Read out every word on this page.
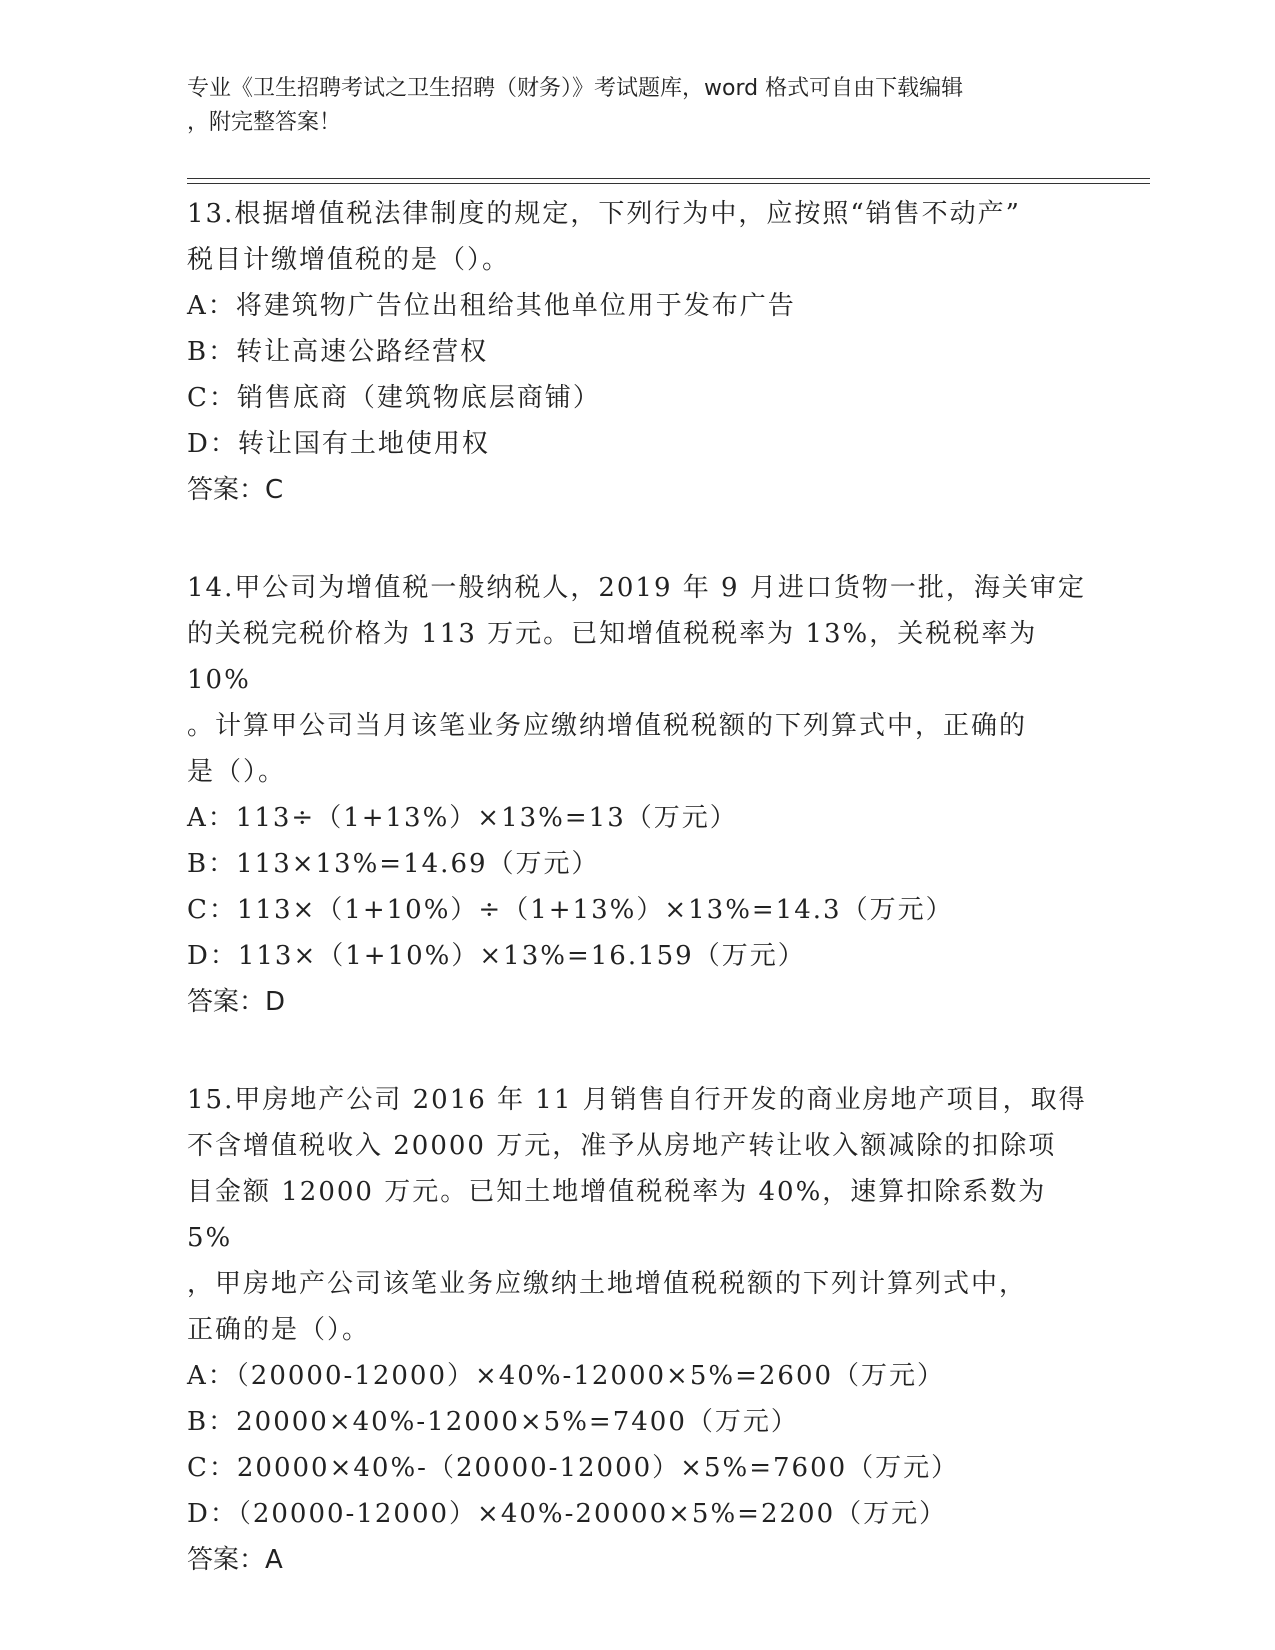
专业《卫生招聘考试之卫生招聘（财务）》考试题库，word 格式可自由下载编辑
，附完整答案！

13.根据增值税法律制度的规定，下列行为中，应按照“销售不动产”

税目计缴增值税的是（）。

A：将建筑物广告位出租给其他单位用于发布广告

B：转让高速公路经营权

C：销售底商（建筑物底层商铺）

D：转让国有土地使用权

答案：C

14.甲公司为增值税一般纳税人，2019 年 9 月进口货物一批，海关审定

的关税完税价格为 113 万元。已知增值税税率为 13%，关税税率为 10%

。计算甲公司当月该笔业务应缴纳增值税税额的下列算式中，正确的

是（）。

A：113÷（1+13%）×13%=13（万元）

B：113×13%=14.69（万元）

C：113×（1+10%）÷（1+13%）×13%=14.3（万元）

D：113×（1+10%）×13%=16.159（万元）

答案：D

15.甲房地产公司 2016 年 11 月销售自行开发的商业房地产项目，取得

不含增值税收入 20000 万元，准予从房地产转让收入额减除的扣除项

目金额 12000 万元。已知土地增值税税率为 40%，速算扣除系数为 5%

，甲房地产公司该笔业务应缴纳土地增值税税额的下列计算列式中，

正确的是（）。

A：（20000-12000）×40%-12000×5%=2600（万元）

B：20000×40%-12000×5%=7400（万元）

C：20000×40%-（20000-12000）×5%=7600（万元）

D：（20000-12000）×40%-20000×5%=2200（万元）

答案：A
